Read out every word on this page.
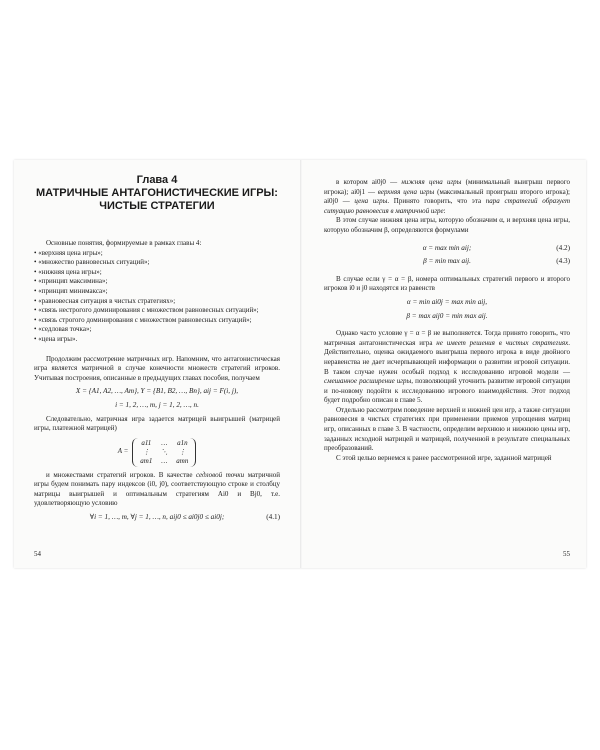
Глава 4
МАТРИЧНЫЕ АНТАГОНИСТИЧЕСКИЕ ИГРЫ:
ЧИСТЫЕ СТРАТЕГИИ

Основные понятия, формируемые в рамках главы 4:

• «верхняя цена игры»;
• «множество равновесных ситуаций»;
• «нижняя цена игры»;
• «принцип максимина»;
• «принцип минимакса»;
• «равновесная ситуация в чистых стратегиях»;
• «связь нестрогого доминирования с множеством равновесных ситуаций»;
• «связь строгого доминирования с множеством равновесных ситуаций»;
• «седловая точка»;
• «цена игры».

Продолжим рассмотрение матричных игр. Напомним, что антагонистическая игра является матричной в случае конечности множеств стратегий игроков. Учитывая построения, описанные в предыдущих главах пособия, получаем

X = {A1, A2, …, Am}, Y = {B1, B2, …, Bn}, aij = F(i, j),
i = 1, 2, …, m, j = 1, 2, …, n.

Следовательно, матричная игра задается матрицей выигрышей (матрицей игры, платежной матрицей)

A =
a11	…	a1n
⋮	⋱	⋮
am1	…	amn

и множествами стратегий игроков. В качестве седловой точки матричной игры будем понимать пару индексов (i0, j0), соответствующую строке и столбцу матрицы выигрышей и оптимальным стратегиям Ai0 и Bj0, т.е. удовлетворяющую условию

∀i = 1, …, m, ∀j = 1, …, n, aij0 ≤ ai0j0 ≤ ai0j;	(4.1)
54

в котором ai0j0 — нижняя цена игры (минимальный выигрыш первого игрока); ai0j1 — верхняя цена игры (максимальный проигрыш второго игрока); ai0j0 — цена игры. Принято говорить, что эта пара стратегий образует ситуацию равновесия в матричной игре:

В этом случае нижняя цена игры, которую обозначим α, и верхняя цена игры, которую обозначим β, определяются формулами

α = max min aij;	(4.2)
β = min max aij.	(4.3)

В случае если γ = α = β, номера оптимальных стратегий первого и второго игроков i0 и j0 находятся из равенств

α = min ai0j = max min aij,
β = max aij0 = min max aij.

Однако часто условие γ = α = β не выполняется. Тогда принято говорить, что матричная антагонистическая игра не имеет решения в чистых стратегиях. Действительно, оценка ожидаемого выигрыша первого игрока в виде двойного неравенства не дает исчерпывающей информации о развитии игровой ситуации. В таком случае нужен особый подход к исследованию игровой модели — смешанное расширение игры, позволяющий уточнить развитие игровой ситуации и по-новому подойти к исследованию игрового взаимодействия. Этот подход будет подробно описан в главе 5.

Отдельно рассмотрим поведение верхней и нижней цен игр, а также ситуации равновесия в чистых стратегиях при применении приемов упрощения матриц игр, описанных в главе 3. В частности, определим верхнюю и нижнюю цены игр, заданных исходной матрицей и матрицей, полученной в результате специальных преобразований.

С этой целью вернемся к ранее рассмотренной игре, заданной матрицей

55
